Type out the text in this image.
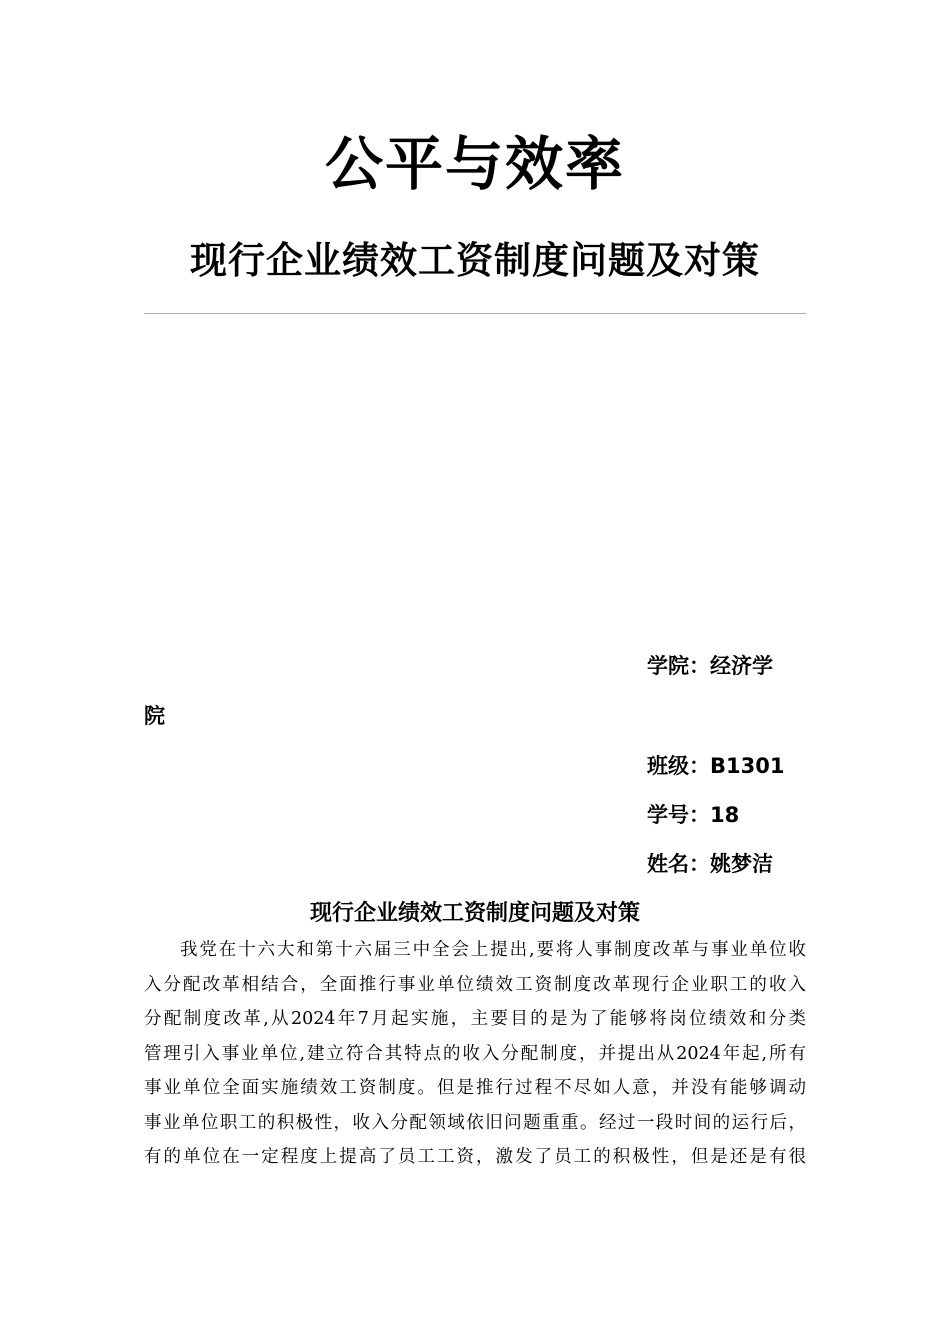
公平与效率
现行企业绩效工资制度问题及对策
学院：经济学
院
班级：B1301
学号：18
姓名：姚梦洁
现行企业绩效工资制度问题及对策
我党在十六大和第十六届三中全会上提出,要将人事制度改革与事业单位收
入分配改革相结合，全面推行事业单位绩效工资制度改革现行企业职工的收入
分配制度改革,从2024年7月起实施，主要目的是为了能够将岗位绩效和分类
管理引入事业单位,建立符合其特点的收入分配制度，并提出从2024年起,所有
事业单位全面实施绩效工资制度。但是推行过程不尽如人意，并没有能够调动
事业单位职工的积极性，收入分配领域依旧问题重重。经过一段时间的运行后，
有的单位在一定程度上提高了员工工资，激发了员工的积极性，但是还是有很
